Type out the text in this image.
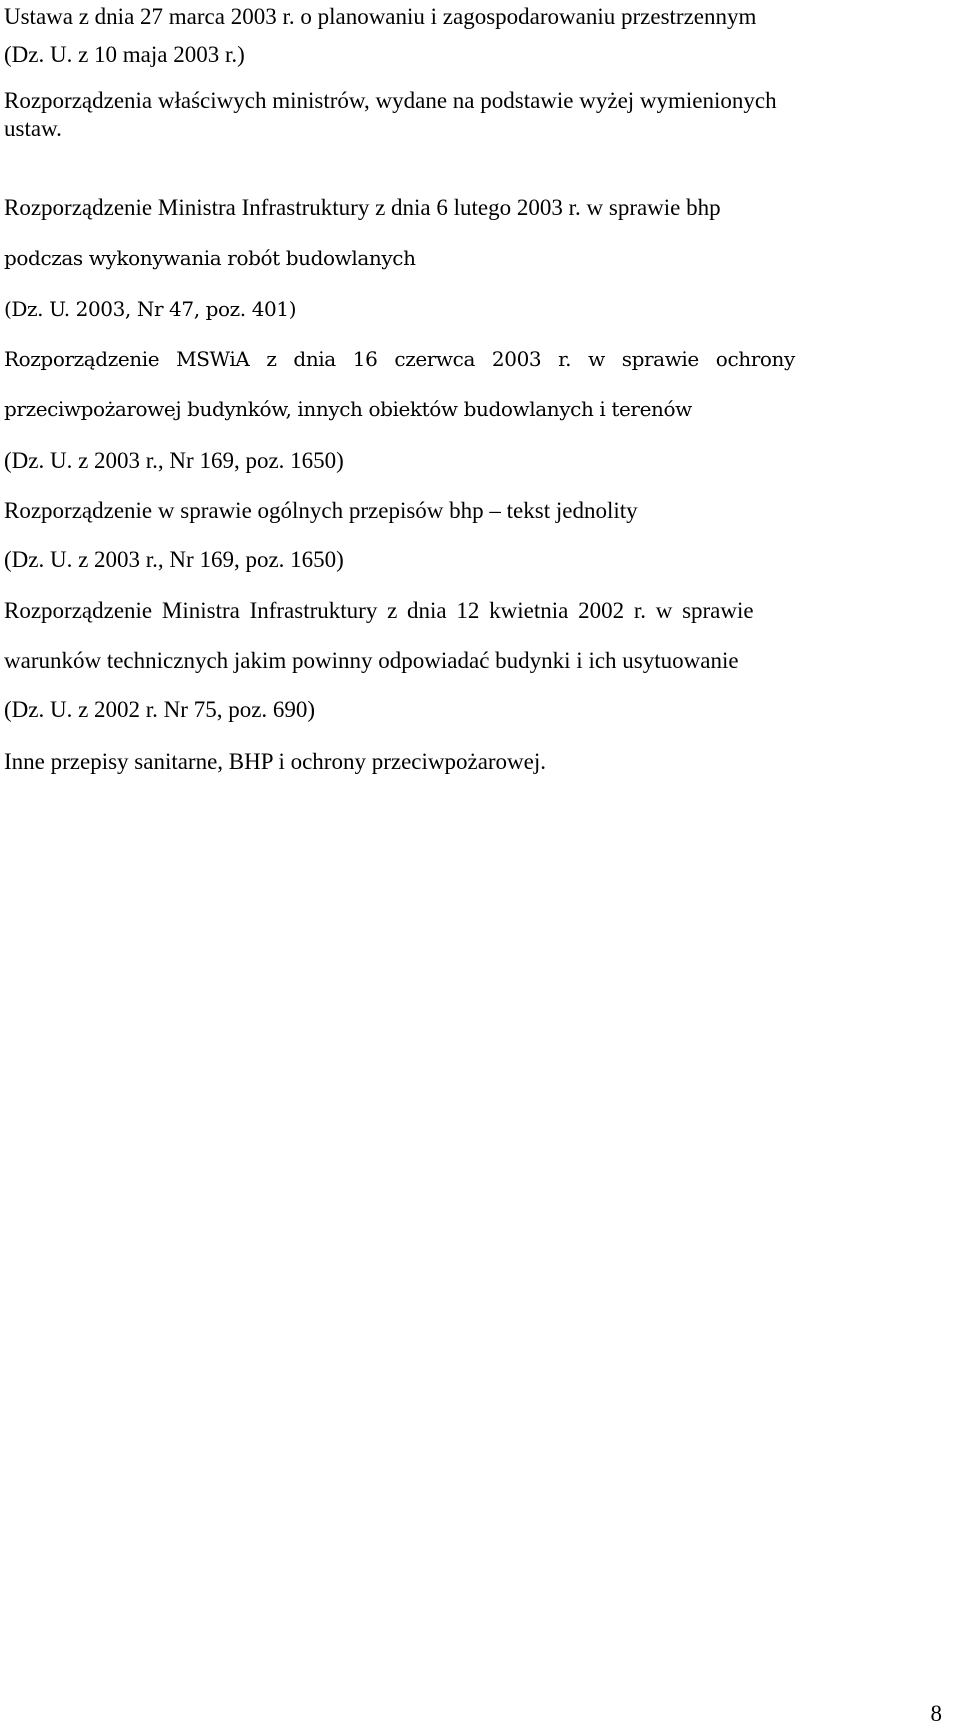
Ustawa z dnia 27 marca 2003 r. o planowaniu i zagospodarowaniu przestrzennym
(Dz. U. z 10 maja 2003 r.)
Rozporządzenia właściwych ministrów, wydane na podstawie wyżej wymienionych
ustaw.
Rozporządzenie Ministra Infrastruktury z dnia 6 lutego 2003 r. w sprawie bhp
podczas wykonywania robót budowlanych
(Dz. U. 2003, Nr 47, poz. 401)
Rozporządzenie MSWiA z dnia 16 czerwca 2003 r. w sprawie ochrony
przeciwpożarowej budynków, innych obiektów budowlanych i terenów
(Dz. U. z 2003 r., Nr 169, poz. 1650)
Rozporządzenie w sprawie ogólnych przepisów bhp – tekst jednolity
(Dz. U. z 2003 r., Nr 169, poz. 1650)
Rozporządzenie Ministra Infrastruktury z dnia 12 kwietnia 2002 r. w sprawie
warunków technicznych jakim powinny odpowiadać budynki i ich usytuowanie
(Dz. U. z 2002 r. Nr 75, poz. 690)
Inne przepisy sanitarne, BHP i ochrony przeciwpożarowej.
8
